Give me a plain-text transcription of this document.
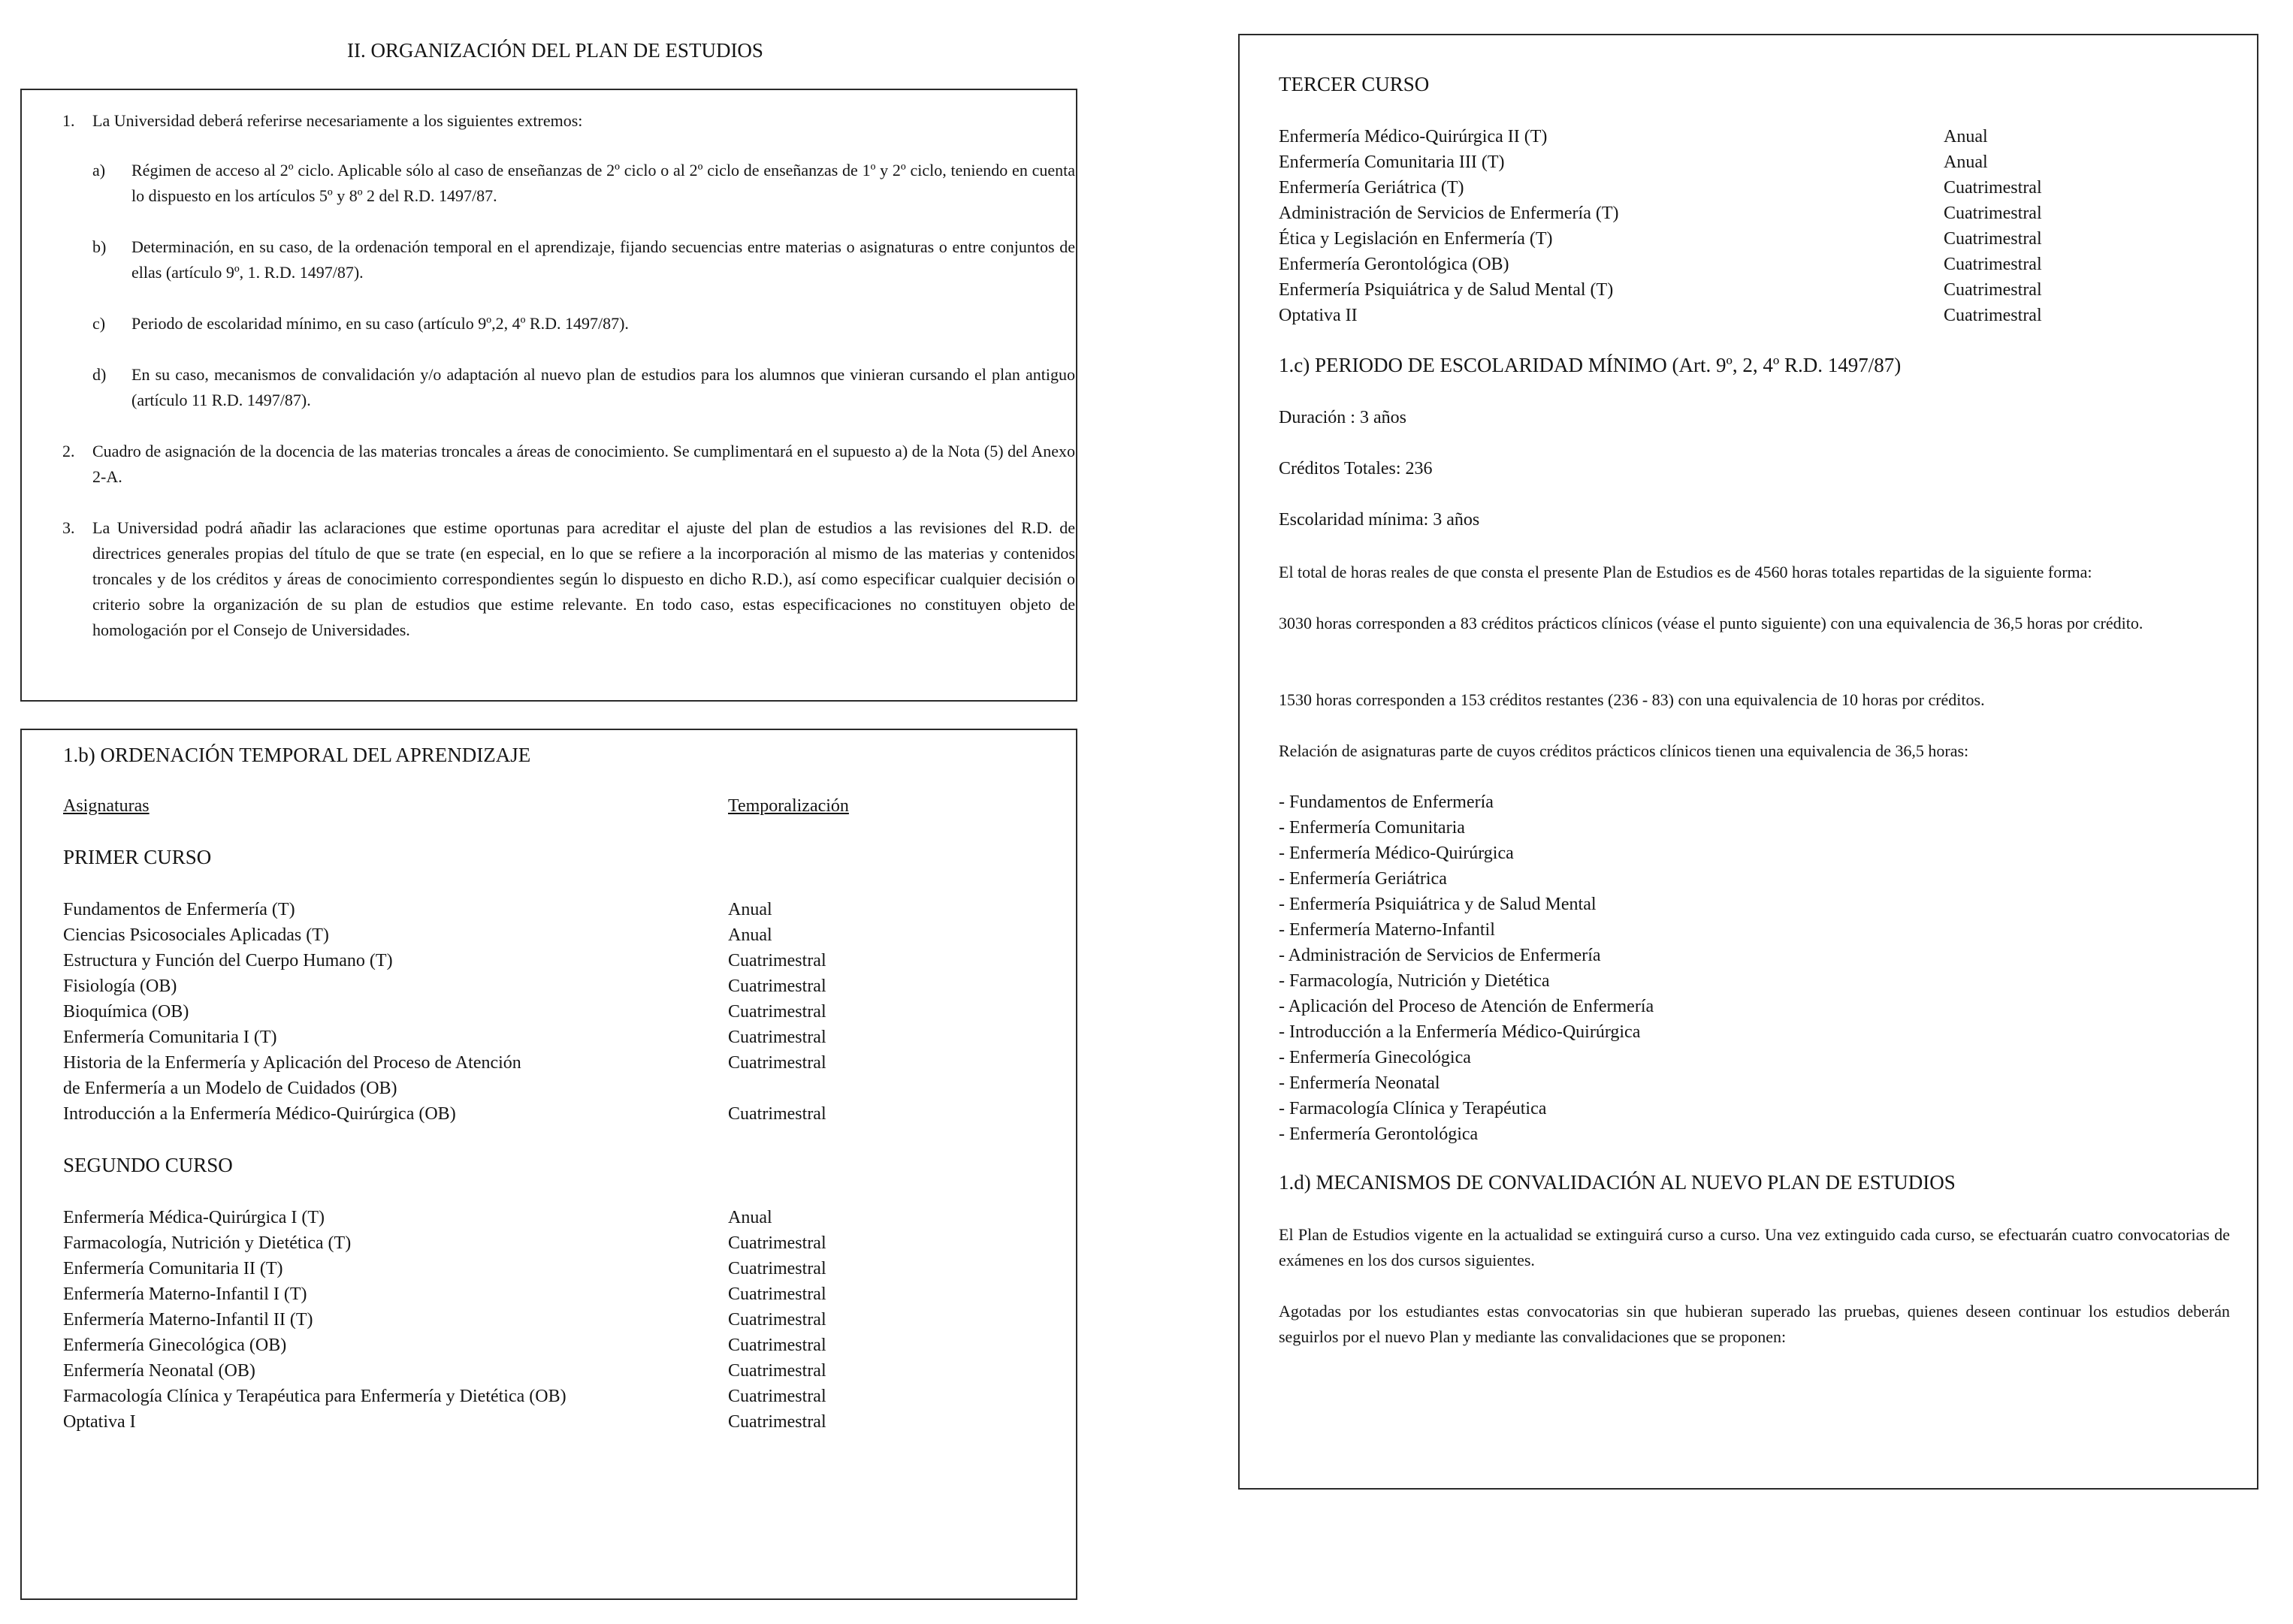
II. ORGANIZACIÓN DEL PLAN DE ESTUDIOS
1. La Universidad deberá referirse necesariamente a los siguientes extremos:
a) Régimen de acceso al 2º ciclo. Aplicable sólo al caso de enseñanzas de 2º ciclo o al 2º ciclo de enseñanzas de 1º y 2º ciclo, teniendo en cuenta lo dispuesto en los artículos 5º y 8º 2 del R.D. 1497/87.
b) Determinación, en su caso, de la ordenación temporal en el aprendizaje, fijando secuencias entre materias o asignaturas o entre conjuntos de ellas (artículo 9º, 1. R.D. 1497/87).
c) Periodo de escolaridad mínimo, en su caso (artículo 9º,2, 4º R.D. 1497/87).
d) En su caso, mecanismos de convalidación y/o adaptación al nuevo plan de estudios para los alumnos que vinieran cursando el plan antiguo (artículo 11 R.D. 1497/87).
2. Cuadro de asignación de la docencia de las materias troncales a áreas de conocimiento. Se cumplimentará en el supuesto a) de la Nota (5) del Anexo 2-A.
3. La Universidad podrá añadir las aclaraciones que estime oportunas para acreditar el ajuste del plan de estudios a las revisiones del R.D. de directrices generales propias del título de que se trate (en especial, en lo que se refiere a la incorporación al mismo de las materias y contenidos troncales y de los créditos y áreas de conocimiento correspondientes según lo dispuesto en dicho R.D.), así como especificar cualquier decisión o criterio sobre la organización de su plan de estudios que estime relevante. En todo caso, estas especificaciones no constituyen objeto de homologación por el Consejo de Universidades.
1.b) ORDENACIÓN TEMPORAL DEL APRENDIZAJE
Asignaturas	Temporalización
PRIMER CURSO
Fundamentos de Enfermería (T)	Anual
Ciencias Psicosociales Aplicadas (T)	Anual
Estructura y Función del Cuerpo Humano (T)	Cuatrimestral
Fisiología (OB)	Cuatrimestral
Bioquímica (OB)	Cuatrimestral
Enfermería Comunitaria I (T)	Cuatrimestral
Historia de la Enfermería y Aplicación del Proceso de Atención	Cuatrimestral
de Enfermería a un Modelo de Cuidados (OB)
Introducción a la Enfermería Médico-Quirúrgica (OB)	Cuatrimestral
SEGUNDO CURSO
Enfermería Médica-Quirúrgica I (T)	Anual
Farmacología, Nutrición y Dietética (T)	Cuatrimestral
Enfermería Comunitaria II (T)	Cuatrimestral
Enfermería Materno-Infantil I (T)	Cuatrimestral
Enfermería Materno-Infantil II (T)	Cuatrimestral
Enfermería Ginecológica (OB)	Cuatrimestral
Enfermería Neonatal (OB)	Cuatrimestral
Farmacología Clínica y Terapéutica para Enfermería y Dietética (OB)	Cuatrimestral
Optativa I	Cuatrimestral
TERCER CURSO
Enfermería Médico-Quirúrgica II (T)	Anual
Enfermería Comunitaria III (T)	Anual
Enfermería Geriátrica (T)	Cuatrimestral
Administración de Servicios de Enfermería (T)	Cuatrimestral
Ética y Legislación en Enfermería (T)	Cuatrimestral
Enfermería Gerontológica (OB)	Cuatrimestral
Enfermería Psiquiátrica y de Salud Mental (T)	Cuatrimestral
Optativa II	Cuatrimestral
1.c) PERIODO DE ESCOLARIDAD MÍNIMO (Art. 9º, 2, 4º R.D. 1497/87)
Duración : 3 años
Créditos Totales: 236
Escolaridad mínima: 3 años
El total de horas reales de que consta el presente Plan de Estudios es de 4560 horas totales repartidas de la siguiente forma:
3030 horas corresponden a 83 créditos prácticos clínicos (véase el punto siguiente) con una equivalencia de 36,5 horas por crédito.
1530 horas corresponden a 153 créditos restantes (236 - 83) con una equivalencia de 10 horas por créditos.
Relación de asignaturas parte de cuyos créditos prácticos clínicos tienen una equivalencia de 36,5 horas:
- Fundamentos de Enfermería
- Enfermería Comunitaria
- Enfermería Médico-Quirúrgica
- Enfermería Geriátrica
- Enfermería Psiquiátrica y de Salud Mental
- Enfermería Materno-Infantil
- Administración de Servicios de Enfermería
- Farmacología, Nutrición y Dietética
- Aplicación del Proceso de Atención de Enfermería
- Introducción a la Enfermería Médico-Quirúrgica
- Enfermería Ginecológica
- Enfermería Neonatal
- Farmacología Clínica y Terapéutica
- Enfermería Gerontológica
1.d) MECANISMOS DE CONVALIDACIÓN AL NUEVO PLAN DE ESTUDIOS
El Plan de Estudios vigente en la actualidad se extinguirá curso a curso. Una vez extinguido cada curso, se efectuarán cuatro convocatorias de exámenes en los dos cursos siguientes.
Agotadas por los estudiantes estas convocatorias sin que hubieran superado las pruebas, quienes deseen continuar los estudios deberán seguirlos por el nuevo Plan y mediante las convalidaciones que se proponen:
